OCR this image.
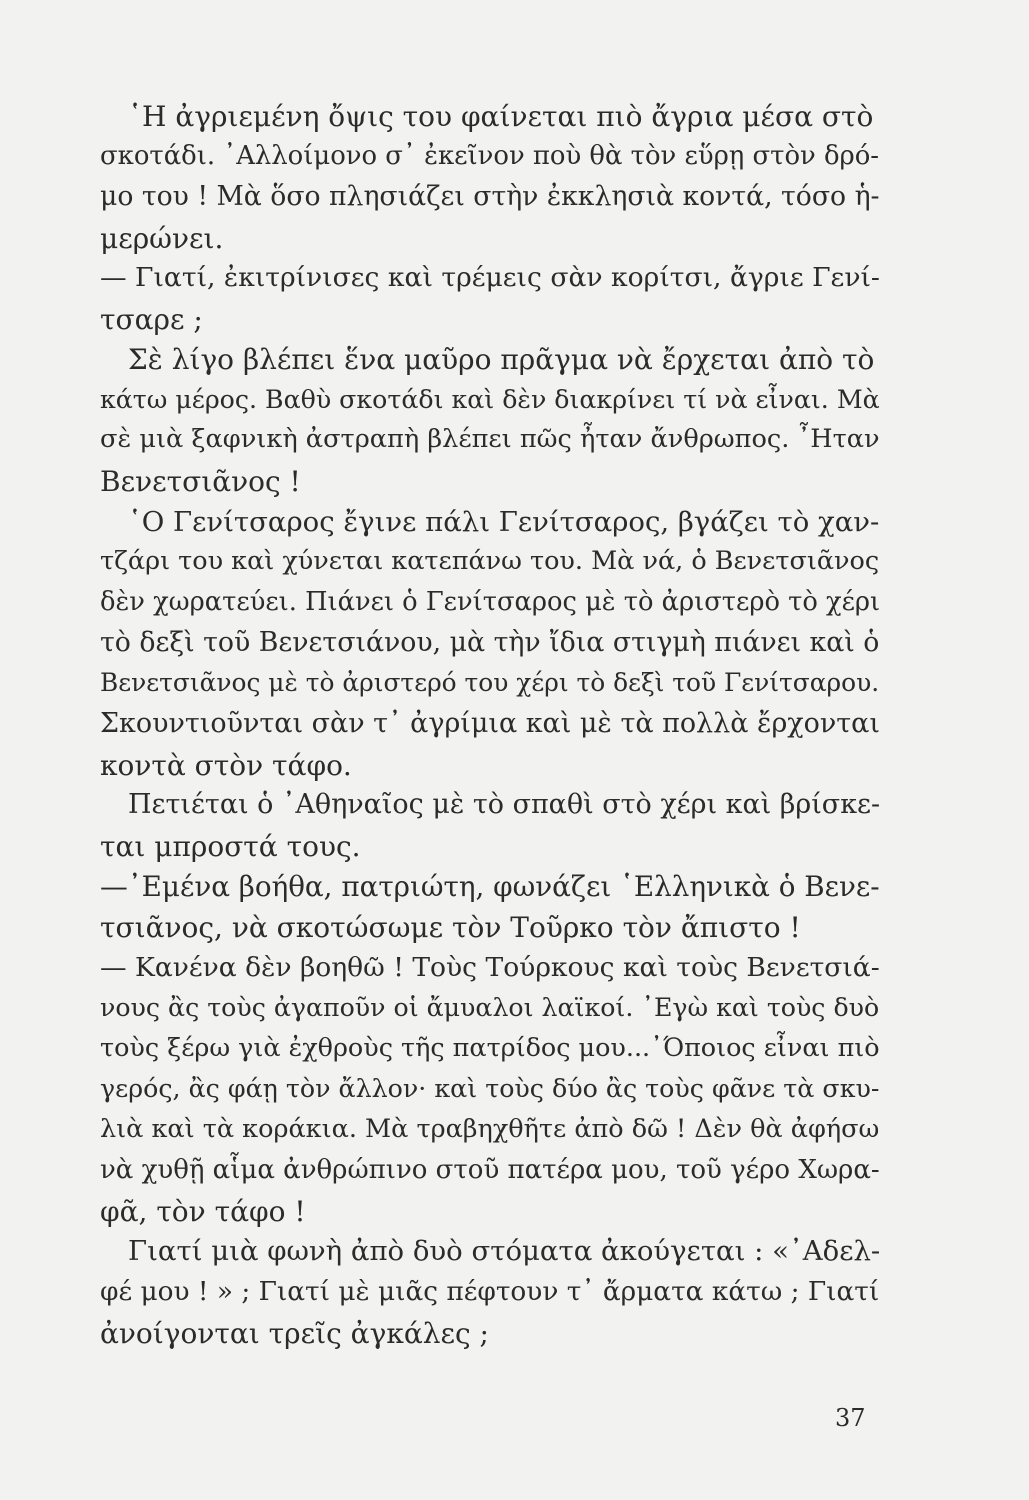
῾Η ἀγριεμένη ὄψις του φαίνεται πιὸ ἄγρια μέσα στὸ
σκοτάδι. ᾿Αλλοίμονο σ᾿ ἐκεῖνον ποὺ θὰ τὸν εὕρῃ στὸν δρό-
μο του ! Μὰ ὅσο πλησιάζει στὴν ἐκκλησιὰ κοντά, τόσο ἡ-
μερώνει.
— Γιατί, ἐκιτρίνισες καὶ τρέμεις σὰν κορίτσι, ἄγριε Γενί-
τσαρε ;
Σὲ λίγο βλέπει ἕνα μαῦρο πρᾶγμα νὰ ἔρχεται ἀπὸ τὸ
κάτω μέρος. Βαθὺ σκοτάδι καὶ δὲν διακρίνει τί νὰ εἶναι. Μὰ
σὲ μιὰ ξαφνικὴ ἀστραπὴ βλέπει πῶς ἦταν ἄνθρωπος. ῏Ηταν
Βενετσιᾶνος !
῾Ο Γενίτσαρος ἔγινε πάλι Γενίτσαρος, βγάζει τὸ χαν-
τζάρι του καὶ χύνεται κατεπάνω του. Μὰ νά, ὁ Βενετσιᾶνος
δὲν χωρατεύει. Πιάνει ὁ Γενίτσαρος μὲ τὸ ἀριστερὸ τὸ χέρι
τὸ δεξὶ τοῦ Βενετσιάνου, μὰ τὴν ἴδια στιγμὴ πιάνει καὶ ὁ
Βενετσιᾶνος μὲ τὸ ἀριστερό του χέρι τὸ δεξὶ τοῦ Γενίτσαρου.
Σκουντιοῦνται σὰν τ᾿ ἀγρίμια καὶ μὲ τὰ πολλὰ ἔρχονται
κοντὰ στὸν τάφο.
Πετιέται ὁ ᾿Αθηναῖος μὲ τὸ σπαθὶ στὸ χέρι καὶ βρίσκε-
ται μπροστά τους.
—᾿Εμένα βοήθα, πατριώτη, φωνάζει ῾Ελληνικὰ ὁ Βενε-
τσιᾶνος, νὰ σκοτώσωμε τὸν Τοῦρκο τὸν ἄπιστο !
— Κανένα δὲν βοηθῶ ! Τοὺς Τούρκους καὶ τοὺς Βενετσιά-
νους ἂς τοὺς ἀγαποῦν οἱ ἄμυαλοι λαϊκοί. ᾿Εγὼ καὶ τοὺς δυὸ
τοὺς ξέρω γιὰ ἐχθροὺς τῆς πατρίδος μου...᾿Όποιος εἶναι πιὸ
γερός, ἂς φάῃ τὸν ἄλλον· καὶ τοὺς δύο ἂς τοὺς φᾶνε τὰ σκυ-
λιὰ καὶ τὰ κοράκια. Μὰ τραβηχθῆτε ἀπὸ δῶ ! Δὲν θὰ ἀφήσω
νὰ χυθῇ αἷμα ἀνθρώπινο στοῦ πατέρα μου, τοῦ γέρο Χωρα-
φᾶ, τὸν τάφο !
Γιατί μιὰ φωνὴ ἀπὸ δυὸ στόματα ἀκούγεται : «᾿Αδελ-
φέ μου ! » ; Γιατί μὲ μιᾶς πέφτουν τ᾿ ἄρματα κάτω ; Γιατί
ἀνοίγονται τρεῖς ἀγκάλες ;
37
